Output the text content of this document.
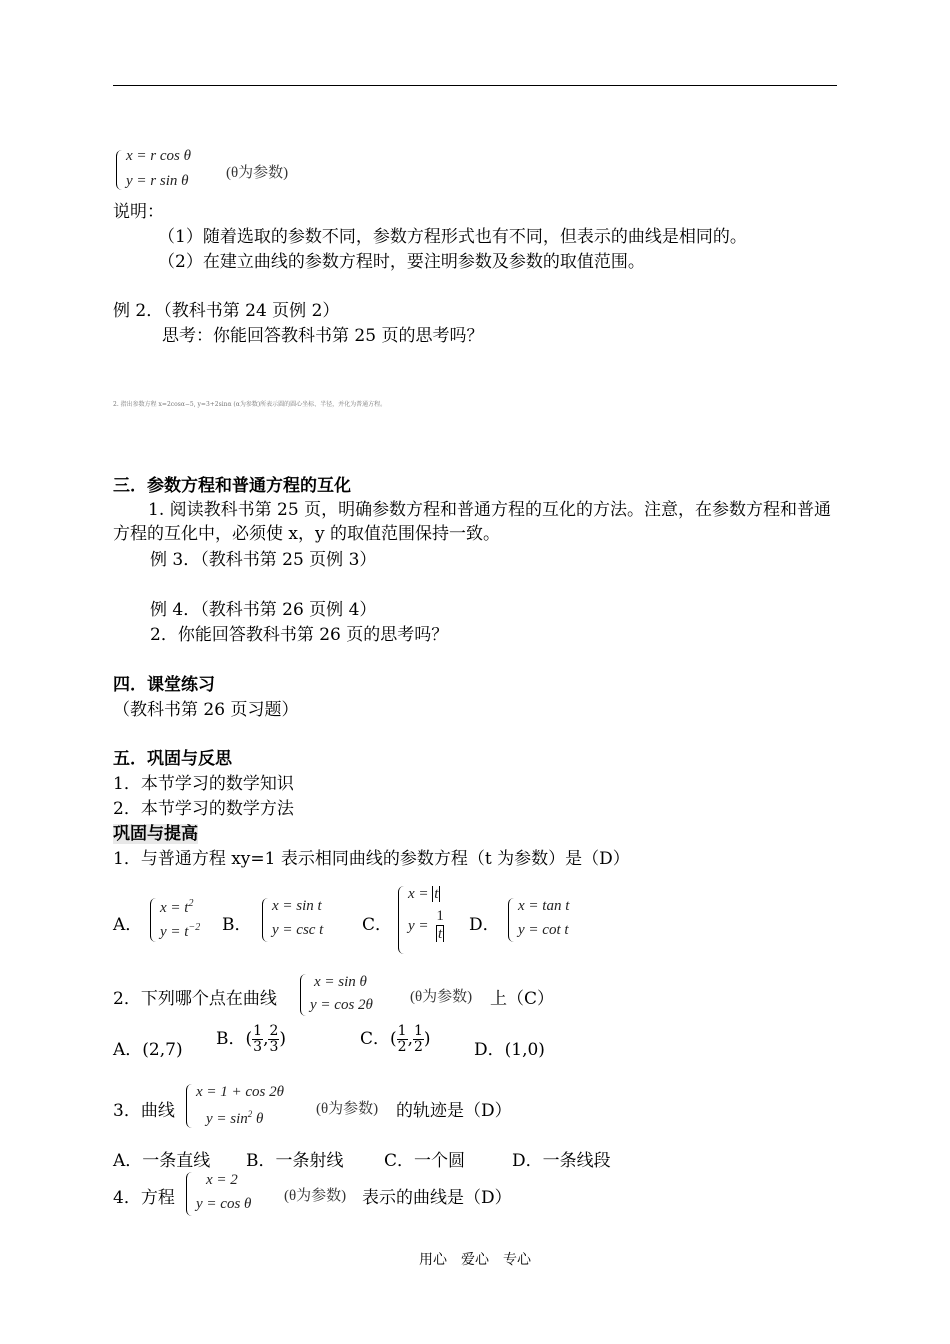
x = r cos θ
y = r sin θ	(θ为参数)
说明：
（1）随着选取的参数不同，参数方程形式也有不同，但表示的曲线是相同的。
（2）在建立曲线的参数方程时，要注明参数及参数的取值范围。
例 2．（教科书第 24 页例 2）
思考：你能回答教科书第 25 页的思考吗？
2. 指出参数方程 x=2cosα−5, y=3+2sinα (α为参数)所表示圆的圆心坐标、半径，并化为普通方程。
三．参数方程和普通方程的互化
1. 阅读教科书第 25 页，明确参数方程和普通方程的互化的方法。注意，在参数方程和普通方程的互化中，必须使 x，y 的取值范围保持一致。
例 3．（教科书第 25 页例 3）
例 4．（教科书第 26 页例 4）
2．你能回答教科书第 26 页的思考吗？
四．课堂练习
（教科书第 26 页习题）
五．巩固与反思
1．本节学习的数学知识
2．本节学习的数学方法
巩固与提高
1．与普通方程 xy=1 表示相同曲线的参数方程（t 为参数）是（D）
A．
$x = t^2$
$y = t^{-2}$ B．
x = sin t
y = csc t C．
x = t
y =
1
t D．
x = tan t
y = cot t
2．下列哪个点在曲线
x = sin θ
y = cos 2θ (θ为参数) 上（C）
A．(2,7)
B．( $\frac{1}{3}$ , $\frac{2}{3}$ )	C．( $\frac{1}{2}$ , $\frac{1}{2}$ )
D．(1,0)
3．曲线
x = 1 + cos 2θ
$y = \sin^2 \theta$
(θ为参数) 的轨迹是（D）
A．一条直线 B．一条射线 C．一个圆	D．一条线段
4．方程
x = 2
y = cos θ (θ为参数) 表示的曲线是（D）
用心　爱心　专心
